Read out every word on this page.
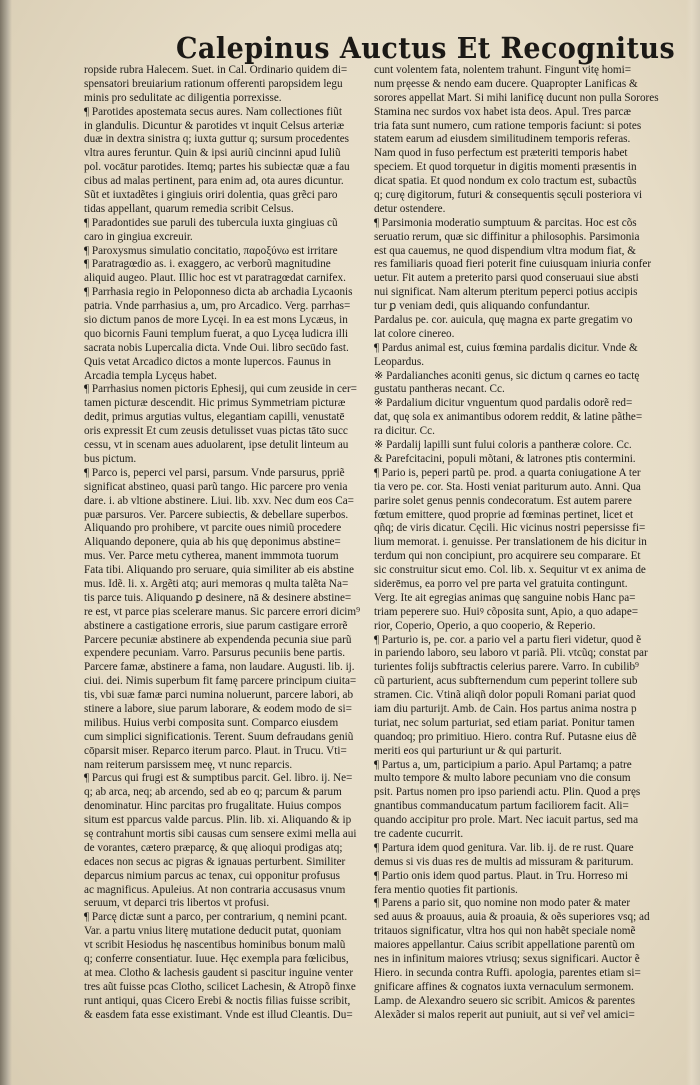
Calepinus Auctus Et Recognitus
ropside rubra Halecem. Suet. in Cal. Ordinario quidem di=
spensatori breuiarium rationum offerenti paropsidem legu
minis pro sedulitate ac diligentia porrexisse.
¶ Parotides apostemata secus aures. Nam collectiones fiũt
in glandulis. Dicuntur & parotides vt inquit Celsus arteriæ
duæ in dextra sinistra q; iuxta guttur q; sursum procedentes
vltra aures feruntur. Quin & ipsi auriũ cincinni apud Iuliũ
pol. vocātur parotides. Itemq; partes his subiectæ quæ a fau
cibus ad malas pertinent, para enim ad, ota aures dicuntur.
Sũt et iuxtadẽtes i gingiuis oriri dolentia, quas grẽci paro
tidas appellant, quarum remedia scribit Celsus.
¶ Paradontides sue paruli des tubercula iuxta gingiuas cũ
caro in gingiua excreuir.
¶ Paroxysmus simulatio concitatio, παροξύνω est irritare
¶ Paratragœdio as. i. exaggero, ac verborũ magnitudine
aliquid augeo. Plaut. Illic hoc est vt paratragœdat carnifex.
¶ Parrhasia regio in Peloponneso dicta ab archadia Lycaonis
patria. Vnde parrhasius a, um, pro Arcadico. Verg. parrhas=
sio dictum panos de more Lycęi. In ea est mons Lycæus, in
quo bicornis Fauni templum fuerat, a quo Lycęa ludicra illi
sacrata nobis Lupercalia dicta. Vnde Oui. libro secūdo fast.
Quis vetat Arcadico dictos a monte lupercos. Faunus in
Arcadia templa Lycęus habet.
¶ Parrhasius nomen pictoris Ephesij, qui cum zeuside in cer=
tamen picturæ descendit. Hic primus Symmetriam picturæ
dedit, primus argutias vultus, elegantiam capilli, venustatē
oris expressit Et cum zeusis detulisset vuas pictas tāto succ
cessu, vt in scenam aues aduolarent, ipse detulit linteum au
bus pictum.
¶ Parco is, peperci vel parsi, parsum. Vnde parsurus, ppriẽ
significat abstineo, quasi parũ tango. Hic parcere pro venia
dare. i. ab vltione abstinere. Liui. lib. xxv. Nec dum eos Ca=
puæ parsuros. Ver. Parcere subiectis, & debellare superbos.
Aliquando pro prohibere, vt parcite oues nimiũ procedere
Aliquando deponere, quia ab his quę deponimus abstine=
mus. Ver. Parce metu cytherea, manent immmota tuorum
Fata tibi. Aliquando pro seruare, quia similiter ab eis abstine
mus. Idẽ. li. x. Argẽti atq; auri memoras q multa talẽta Na=
tis parce tuis. Aliquando ꝑ desinere, nā & desinere abstine=
re est, vt parce pias scelerare manus. Sic parcere errori dicim⁹
abstinere a castigatione erroris, siue parum castigare errorẽ
Parcere pecuniæ abstinere ab expendenda pecunia siue parũ
expendere pecuniam. Varro. Parsurus pecuniis bene partis.
Parcere famæ, abstinere a fama, non laudare. Augusti. lib. ij.
ciui. dei. Nimis superbum fit famę parcere principum ciuita=
tis, vbi suæ famæ parci numina noluerunt, parcere labori, ab
stinere a labore, siue parum laborare, & eodem modo de si=
milibus. Huius verbi composita sunt. Comparco eiusdem
cum simplici significationis. Terent. Suum defraudans geniũ
cōparsit miser. Reparco iterum parco. Plaut. in Trucu. Vti=
nam reiterum parsissem meę, vt nunc reparcis.
¶ Parcus qui frugi est & sumptibus parcit. Gel. libro. ij. Ne=
q; ab arca, neq; ab arcendo, sed ab eo q; parcum & parum
denominatur. Hinc parcitas pro frugalitate. Huius compos
situm est pparcus valde parcus. Plin. lib. xi. Aliquando & ip
sę contrahunt mortis sibi causas cum sensere eximi mella aui
de vorantes, cætero præparcę, & quę alioqui prodigas atq;
edaces non secus ac pigras & ignauas perturbent. Similiter
deparcus nimium parcus ac tenax, cui opponitur profusus
ac magnificus. Apuleius. At non contraria accusasus vnum
seruum, vt deparci tris libertos vt profusi.
¶ Parcę dictæ sunt a parco, per contrarium, q nemini pcant.
Var. a partu vnius literę mutatione deducit putat, quoniam
vt scribit Hesiodus hę nascentibus hominibus bonum malũ
q; conferre consentiatur. Iuue. Hęc exempla para fœlicibus,
at mea. Clotho & lachesis gaudent si pascitur inguine venter
tres aũt fuisse pcas Clotho, scilicet Lachesin, & Atropõ finxe
runt antiqui, quas Cicero Erebi & noctis filias fuisse scribit,
& easdem fata esse existimant. Vnde est illud Cleantis. Du=
cunt volentem fata, nolentem trahunt. Fingunt vitę homi=
num pręesse & nendo eam ducere. Quapropter Lanificas &
sorores appellat Mart. Si mihi lanificę ducunt non pulla Sorores
Stamina nec surdos vox habet ista deos. Apul. Tres parcæ
tria fata sunt numero, cum ratione temporis faciunt: si potes
statem earum ad eiusdem similitudinem temporis referas.
Nam quod in fuso perfectum est præteriti temporis habet
speciem. Et quod torquetur in digitis momenti præsentis in
dicat spatia. Et quod nondum ex colo tractum est, subactũs
q; curę digitorum, futuri & consequentis sęculi posteriora vi
detur ostendere.
¶ Parsimonia moderatio sumptuum & parcitas. Hoc est cõs
seruatio rerum, quæ sic diffinitur a philosophis. Parsimonia
est qua cauemus, ne quod dispendium vltra modum fiat, &
res familiaris quoad fieri poterit fine cuiusquam iniuria confer
uetur. Fit autem a preterito parsi quod conseruaui siue absti
nui significat. Nam alterum pteritum peperci potius accipis
tur ꝑ veniam dedi, quis aliquando confundantur.
Pardalus pe. cor. auicula, quę magna ex parte gregatim vo
lat colore cinereo.
¶ Pardus animal est, cuius fœmina pardalis dicitur. Vnde &
Leopardus.
※ Pardalianches aconiti genus, sic dictum q carnes eo tactę
gustatu pantheras necant. Cc.
※ Pardalium dicitur vnguentum quod pardalis odorẽ red=
dat, quę sola ex animantibus odorem reddit, & latine pãthe=
ra dicitur. Cc.
※ Pardalij lapilli sunt fului coloris a pantheræ colore. Cc.
& Parefcitacini, populi mõtani, & latrones ptis contermini.
¶ Pario is, peperi partũ pe. prod. a quarta coniugatione A ter
tia vero pe. cor. Sta. Hosti veniat pariturum auto. Anni. Qua
parire solet genus pennis condecoratum. Est autem parere
fœtum emittere, quod proprie ad fœminas pertinet, licet et
qñq; de viris dicatur. Cęcili. Hic vicinus nostri pepersisse fi=
lium memorat. i. genuisse. Per translationem de his dicitur in
terdum qui non concipiunt, pro acquirere seu comparare. Et
sic construitur sicut emo. Col. lib. x. Sequitur vt ex anima de
siderēmus, ea porro vel pre parta vel gratuita contingunt.
Verg. Ite ait egregias animas quę sanguine nobis Hanc pa=
triam peperere suo. Huiꝰ cõposita sunt, Apio, a quo adape=
rior, Coperio, Operio, a quo cooperio, & Reperio.
¶ Parturio is, pe. cor. a pario vel a partu fieri videtur, quod ẽ
in pariendo laboro, seu laboro vt pariã. Pli. vtcũq; constat par
turientes folijs subftractis celerius parere. Varro. In cubilib⁹
cũ parturient, acus subfternendum cum peperint tollere sub
stramen. Cic. Vtinã aliqñ dolor populi Romani pariat quod
iam diu parturijt. Amb. de Cain. Hos partus anima nostra p
turiat, nec solum parturiat, sed etiam pariat. Ponitur tamen
quandoq; pro primitiuo. Hiero. contra Ruf. Putasne eius dẽ
meriti eos qui parturiunt ur & qui parturit.
¶ Partus a, um, participium a pario. Apul Partamq; a patre
multo tempore & multo labore pecuniam vno die consum
psit. Partus nomen pro ipso pariendi actu. Plin. Quod a pręs
gnantibus commanducatum partum faciliorem facit. Ali=
quando accipitur pro prole. Mart. Nec iacuit partus, sed ma
tre cadente cucurrit.
¶ Partura idem quod genitura. Var. lib. ij. de re rust. Quare
demus si vis duas res de multis ad missuram & pariturum.
¶ Partio onis idem quod partus. Plaut. in Tru. Horreso mi
fera mentio quoties fit partionis.
¶ Parens a pario sit, quo nomine non modo pater & mater
sed auus & proauus, auia & proauia, & oẽs superiores vsq; ad
tritauos significatur, vltra hos qui non habẽt speciale nomẽ
maiores appellantur. Caius scribit appellatione parentũ om
nes in infinitum maiores vtriusq; sexus significari. Auctor ẽ
Hiero. in secunda contra Ruffi. apologia, parentes etiam si=
gnificare affines & cognatos iuxta vernaculum sermonem.
Lamp. de Alexandro seuero sic scribit. Amicos & parentes
Alexãder si malos reperit aut puniuit, aut si ver̃ vel amici=
